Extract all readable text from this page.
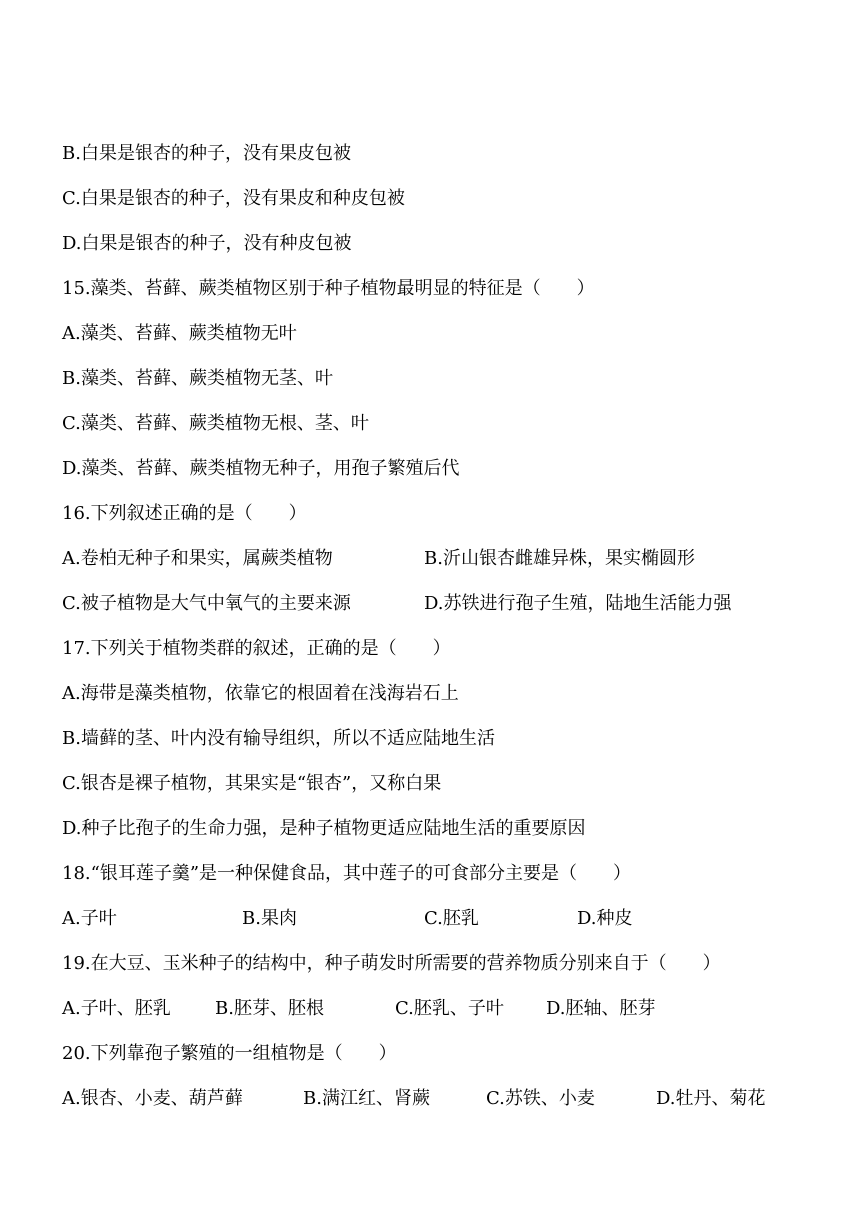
B.白果是银杏的种子，没有果皮包被
C.白果是银杏的种子，没有果皮和种皮包被
D.白果是银杏的种子，没有种皮包被
15.藻类、苔藓、蕨类植物区别于种子植物最明显的特征是（　　）
A.藻类、苔藓、蕨类植物无叶
B.藻类、苔藓、蕨类植物无茎、叶
C.藻类、苔藓、蕨类植物无根、茎、叶
D.藻类、苔藓、蕨类植物无种子，用孢子繁殖后代
16.下列叙述正确的是（　　）
A.卷柏无种子和果实，属蕨类植物	B.沂山银杏雌雄异株，果实椭圆形
C.被子植物是大气中氧气的主要来源	D.苏铁进行孢子生殖，陆地生活能力强
17.下列关于植物类群的叙述，正确的是（　　）
A.海带是藻类植物，依靠它的根固着在浅海岩石上
B.墙藓的茎、叶内没有输导组织，所以不适应陆地生活
C.银杏是裸子植物，其果实是“银杏”，又称白果
D.种子比孢子的生命力强，是种子植物更适应陆地生活的重要原因
18.“银耳莲子羹”是一种保健食品，其中莲子的可食部分主要是（　　）
A.子叶	B.果肉	C.胚乳	D.种皮
19.在大豆、玉米种子的结构中，种子萌发时所需要的营养物质分别来自于（　　）
A.子叶、胚乳 B.胚芽、胚根	C.胚乳、子叶 D.胚轴、胚芽
20.下列靠孢子繁殖的一组植物是（　　）
A.银杏、小麦、葫芦藓	B.满江红、肾蕨	C.苏铁、小麦	D.牡丹、菊花
